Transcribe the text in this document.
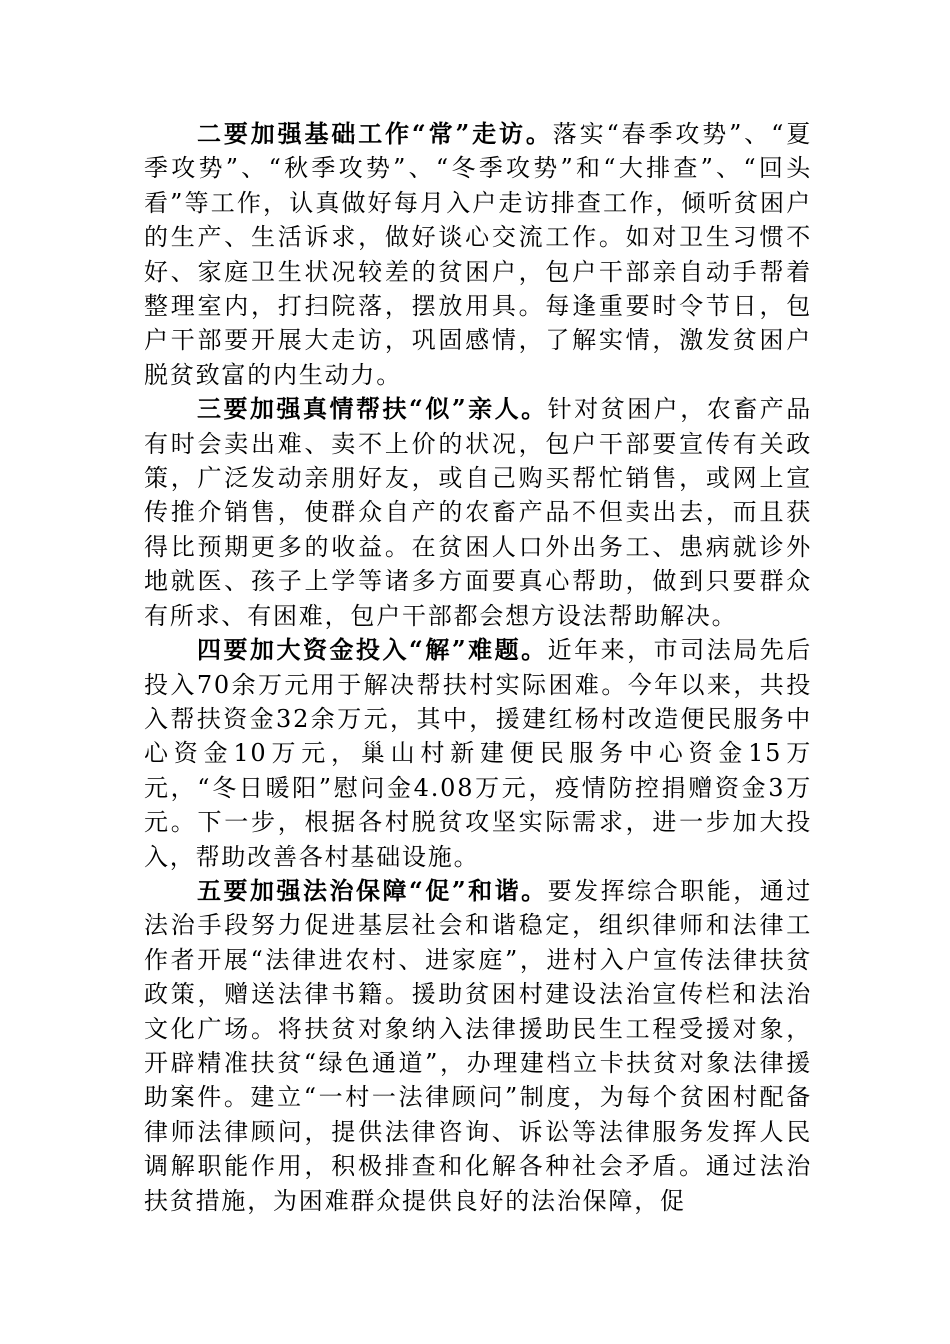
二要加强基础工作“常”走访。落实“春季攻势”、“夏季攻势”、“秋季攻势”、“冬季攻势”和“大排查”、“回头看”等工作，认真做好每月入户走访排查工作，倾听贫困户的生产、生活诉求，做好谈心交流工作。如对卫生习惯不好、家庭卫生状况较差的贫困户，包户干部亲自动手帮着整理室内，打扫院落，摆放用具。每逢重要时令节日，包户干部要开展大走访，巩固感情，了解实情，激发贫困户脱贫致富的内生动力。

三要加强真情帮扶“似”亲人。针对贫困户，农畜产品有时会卖出难、卖不上价的状况，包户干部要宣传有关政策，广泛发动亲朋好友，或自己购买帮忙销售，或网上宣传推介销售，使群众自产的农畜产品不但卖出去，而且获得比预期更多的收益。在贫困人口外出务工、患病就诊外地就医、孩子上学等诸多方面要真心帮助，做到只要群众有所求、有困难，包户干部都会想方设法帮助解决。

四要加大资金投入“解”难题。近年来，市司法局先后投入70余万元用于解决帮扶村实际困难。今年以来，共投入帮扶资金32余万元，其中，援建红杨村改造便民服务中心资金10万元，巢山村新建便民服务中心资金15万元，“冬日暖阳”慰问金4.08万元，疫情防控捐赠资金3万元。下一步，根据各村脱贫攻坚实际需求，进一步加大投入，帮助改善各村基础设施。

五要加强法治保障“促”和谐。要发挥综合职能，通过法治手段努力促进基层社会和谐稳定，组织律师和法律工作者开展“法律进农村、进家庭”，进村入户宣传法律扶贫政策，赠送法律书籍。援助贫困村建设法治宣传栏和法治文化广场。将扶贫对象纳入法律援助民生工程受援对象，开辟精准扶贫“绿色通道”，办理建档立卡扶贫对象法律援助案件。建立“一村一法律顾问”制度，为每个贫困村配备律师法律顾问，提供法律咨询、诉讼等法律服务发挥人民调解职能作用，积极排查和化解各种社会矛盾。通过法治扶贫措施，为困难群众提供良好的法治保障，促
